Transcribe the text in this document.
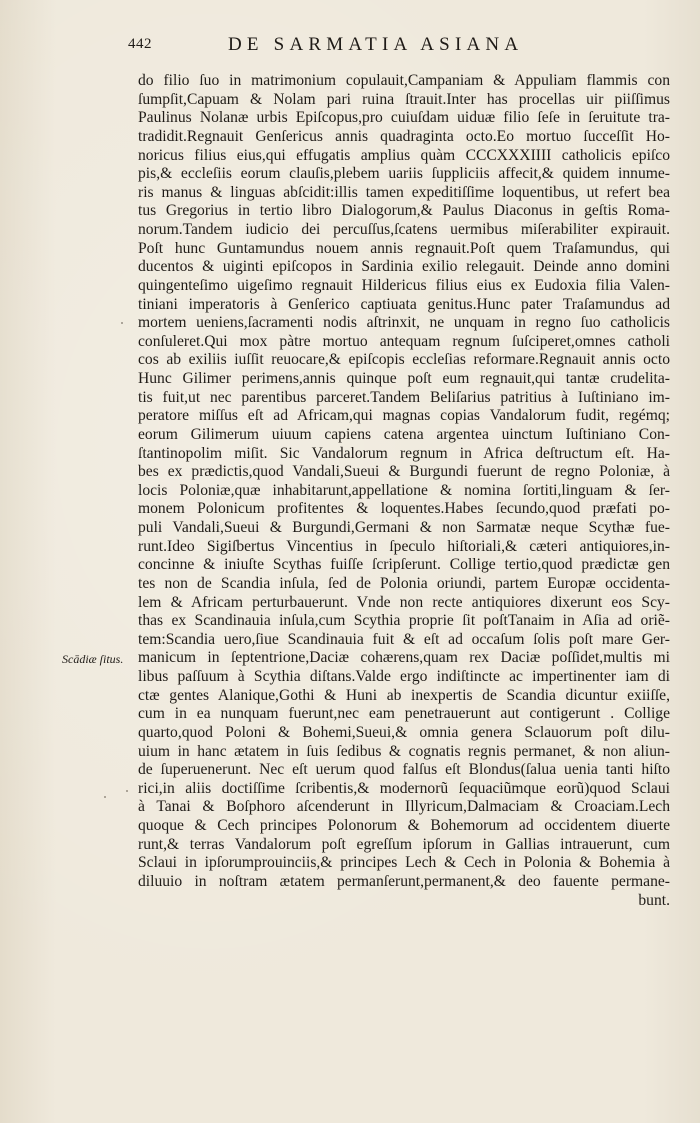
442	DE SARMATIA ASIANA
Scādiæ ſitus.
do filio ſuo in matrimonium copulauit,Campaniam & Appuliam flammis con
ſumpſit,Capuam & Nolam pari ruina ſtrauit.Inter has procellas uir piiſſimus
Paulinus Nolanæ urbis Epiſcopus,pro cuiuſdam uiduæ filio ſeſe in ſeruitute tra-
tradidit.Regnauit Genſericus annis quadraginta octo.Eo mortuo ſucceſſit Ho-
noricus filius eius,qui effugatis amplius quàm CCCXXXIIII catholicis epiſco
pis,& eccleſiis eorum clauſis,plebem uariis ſuppliciis affecit,& quidem innume-
ris manus & linguas abſcidit:illis tamen expeditiſſime loquentibus, ut refert bea
tus Gregorius in tertio libro Dialogorum,& Paulus Diaconus in geſtis Roma-
norum.Tandem iudicio dei percuſſus,ſcatens uermibus miſerabiliter expirauit.
Poſt hunc Guntamundus nouem annis regnauit.Poſt quem Traſamundus, qui
ducentos & uiginti epiſcopos in Sardinia exilio relegauit. Deinde anno domini
quingenteſimo uigeſimo regnauit Hildericus filius eius ex Eudoxia filia Valen-
tiniani imperatoris à Genſerico captiuata genitus.Hunc pater Traſamundus ad
mortem ueniens,ſacramenti nodis aſtrinxit, ne unquam in regno ſuo catholicis
conſuleret.Qui mox pàtre mortuo antequam regnum ſuſciperet,omnes catholi
cos ab exiliis iuſſit reuocare,& epiſcopis eccleſias reformare.Regnauit annis octo
Hunc Gilimer perimens,annis quinque poſt eum regnauit,qui tantæ crudelita-
tis fuit,ut nec parentibus parceret.Tandem Beliſarius patritius à Iuſtiniano im-
peratore miſſus eſt ad Africam,qui magnas copias Vandalorum fudit, regémq;
eorum Gilimerum uiuum capiens catena argentea uinctum Iuſtiniano Con-
ſtantinopolim miſit. Sic Vandalorum regnum in Africa deſtructum eſt. Ha-
bes ex prædictis,quod Vandali,Sueui & Burgundi fuerunt de regno Poloniæ, à
locis Poloniæ,quæ inhabitarunt,appellatione & nomina ſortiti,linguam & ſer-
monem Polonicum profitentes & loquentes.Habes ſecundo,quod præfati po-
puli Vandali,Sueui & Burgundi,Germani & non Sarmatæ neque Scythæ fue-
runt.Ideo Sigiſbertus Vincentius in ſpeculo hiſtoriali,& cæteri antiquiores,in-
concinne & iniuſte Scythas fuiſſe ſcripſerunt. Collige tertio,quod prædictæ gen
tes non de Scandia inſula, ſed de Polonia oriundi, partem Europæ occidenta-
lem & Africam perturbauerunt. Vnde non recte antiquiores dixerunt eos Scy-
thas ex Scandinauia inſula,cum Scythia proprie ſit poſtTanaim in Aſia ad oriẽ-
tem:Scandia uero,ſiue Scandinauia fuit & eſt ad occaſum ſolis poſt mare Ger-
manicum in ſeptentrione,Daciæ cohærens,quam rex Daciæ poſſidet,multis mi
libus paſſuum à Scythia diſtans.Valde ergo indiſtincte ac impertinenter iam di
ctæ gentes Alanique,Gothi & Huni ab inexpertis de Scandia dicuntur exiiſſe,
cum in ea nunquam fuerunt,nec eam penetrauerunt aut contigerunt . Collige
quarto,quod Poloni & Bohemi,Sueui,& omnia genera Sclauorum poſt dilu-
uium in hanc ætatem in ſuis ſedibus & cognatis regnis permanet, & non aliun-
de ſuperuenerunt. Nec eſt uerum quod falſus eſt Blondus(ſalua uenia tanti hiſto
rici,in aliis doctiſſime ſcribentis,& modernorũ ſequaciũmque eorũ)quod Sclaui
à Tanai & Boſphoro aſcenderunt in Illyricum,Dalmaciam & Croaciam.Lech
quoque & Cech principes Polonorum & Bohemorum ad occidentem diuerte
runt,& terras Vandalorum poſt egreſſum ipſorum in Gallias intrauerunt, cum
Sclaui in ipſorumprouinciis,& principes Lech & Cech in Polonia & Bohemia à
diluuio in noſtram ætatem permanſerunt,permanent,& deo fauente permane-
bunt.
